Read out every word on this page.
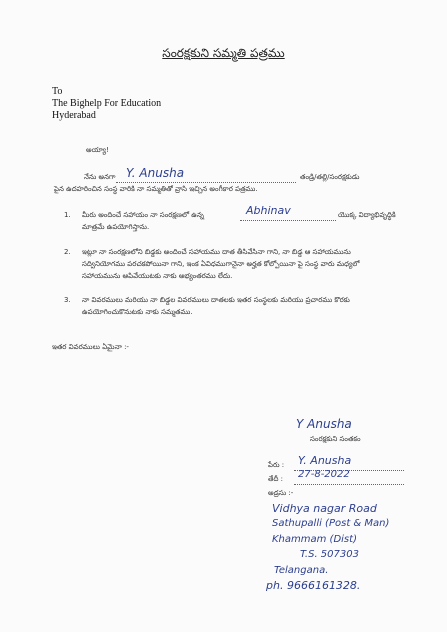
సంరక్షకుని సమ్మతి పత్రము
To
The Bighelp For Education
Hyderabad
అయ్యా!
నేను అనగా Y. Anusha	తండ్రి/తల్లి/సంరక్షకుడు
పైన ఉదహరించిన సంస్థ వారికి నా సమ్మతితో వ్రాసి ఇచ్చిన అంగీకార పత్రము.
1. మీరు అందించే సహాయం నా సంరక్షణలో ఉన్న	Abhinav	యొక్క విద్యాభివృద్ధికి
మాత్రమే ఉపయోగిస్తాను.
2. ఇట్లూ నా సంరక్షణలోని బిడ్డకు అందించే సహాయము దాత తీసివేసినా గాని, నా బిడ్డ ఆ సహాయమును
సద్వినియోగము పరచకపోయినా గాని, ఇంక ఏవిధముగానైనా అర్హత కోల్పోయినా పై సంస్థ వారు మధ్యలో
సహాయమును ఆపివేయుటకు నాకు అభ్యంతరము లేదు.
3. నా వివరములు మరియు నా బిడ్డల వివరములు దాతలకు ఇతర సంస్థలకు మరియు ప్రచారము కొరకు
ఉపయోగించుకొనుటకు నాకు సమ్మతము.
ఇతర వివరములు ఏమైనా :-
Y Anusha
సంరక్షకుని సంతకం
పేరు : Y. Anusha
తేదీ : 27-8-2022
అడ్రసు :-
Vidhya nagar Road
Sathupalli (Post & Man)
Khammam (Dist)
T.S. 507303
Telangana.
ph. 9666161328.
